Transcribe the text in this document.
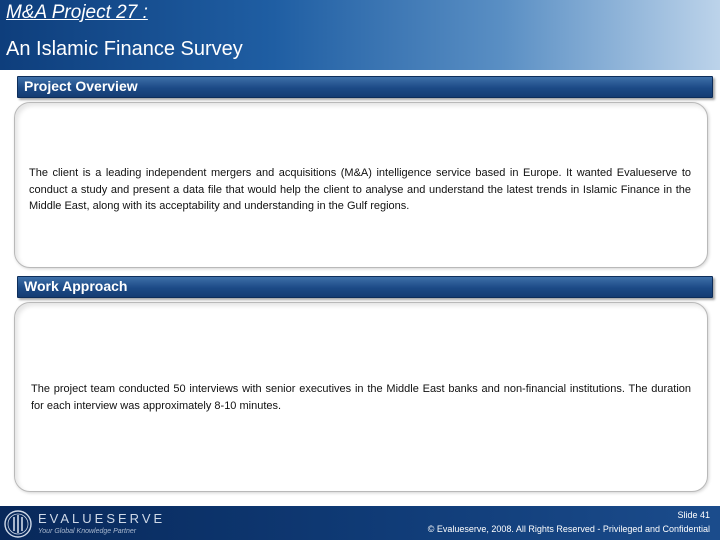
M&A Project 27 :
An Islamic Finance Survey
Project Overview

The client is a leading independent mergers and acquisitions (M&A) intelligence service based in Europe. It wanted Evalueserve to conduct a study and present a data file that would help the client to analyse and understand the latest trends in Islamic Finance in the Middle East, along with its acceptability and understanding in the Gulf regions.

Work Approach

The project team conducted 50 interviews with senior executives in the Middle East banks and non-financial institutions. The duration for each interview was approximately 8-10 minutes.

EVALUESERVE
Your Global Knowledge Partner
Slide 41
© Evalueserve, 2008. All Rights Reserved - Privileged and Confidential
